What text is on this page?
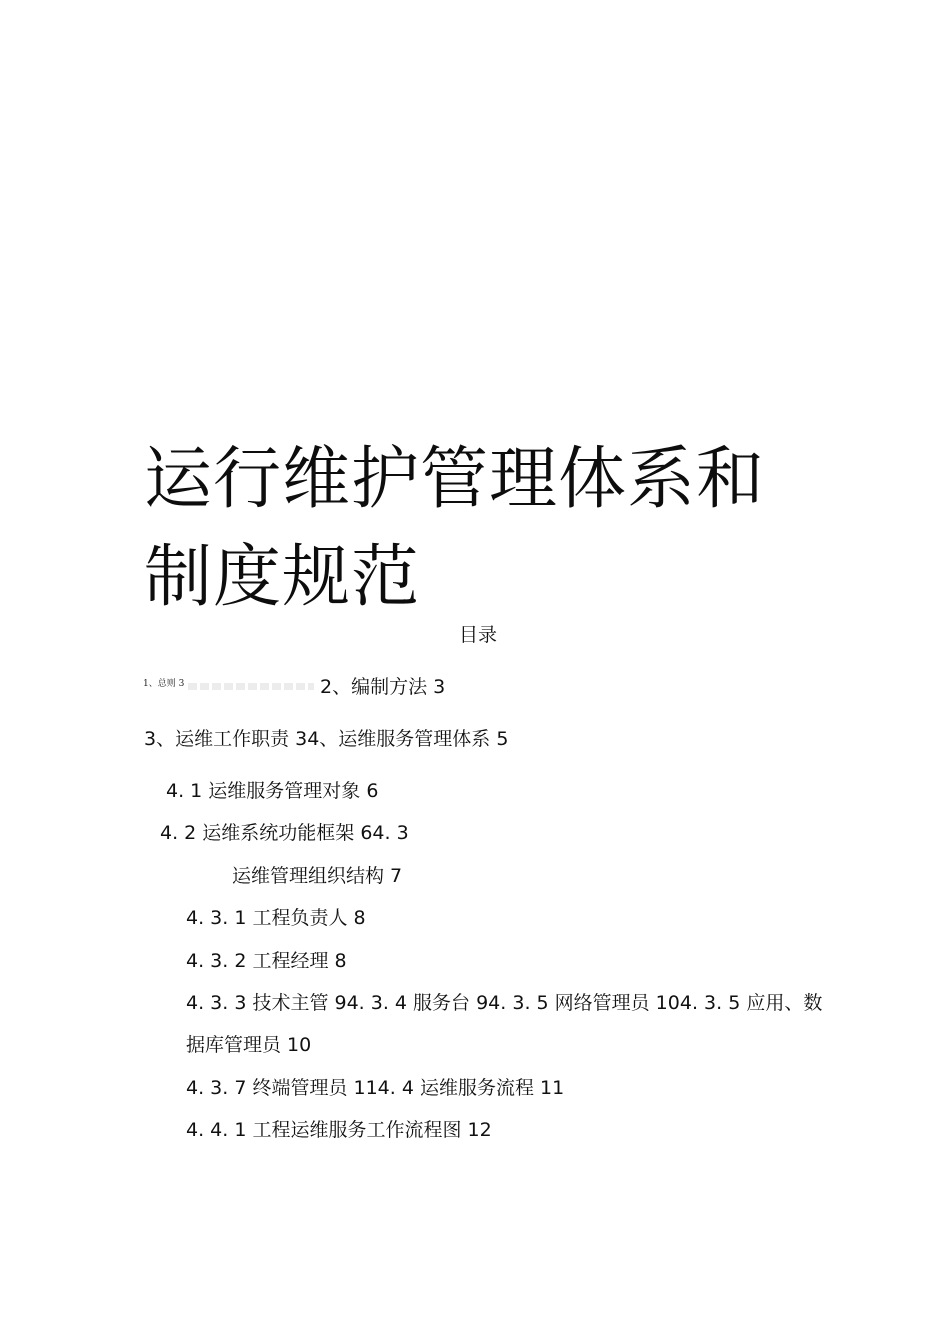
运行维护管理体系和
制度规范
目录
1、总则 3	2、编制方法 3
3、运维工作职责 34、运维服务管理体系 5
4. 1 运维服务管理对象 6
4. 2 运维系统功能框架 64. 3
运维管理组织结构 7
4. 3. 1 工程负责人 8
4. 3. 2 工程经理 8
4. 3. 3 技术主管 94. 3. 4 服务台 94. 3. 5 网络管理员 104. 3. 5 应用、数
据库管理员 10
4. 3. 7 终端管理员 114. 4 运维服务流程 11
4. 4. 1 工程运维服务工作流程图 12
